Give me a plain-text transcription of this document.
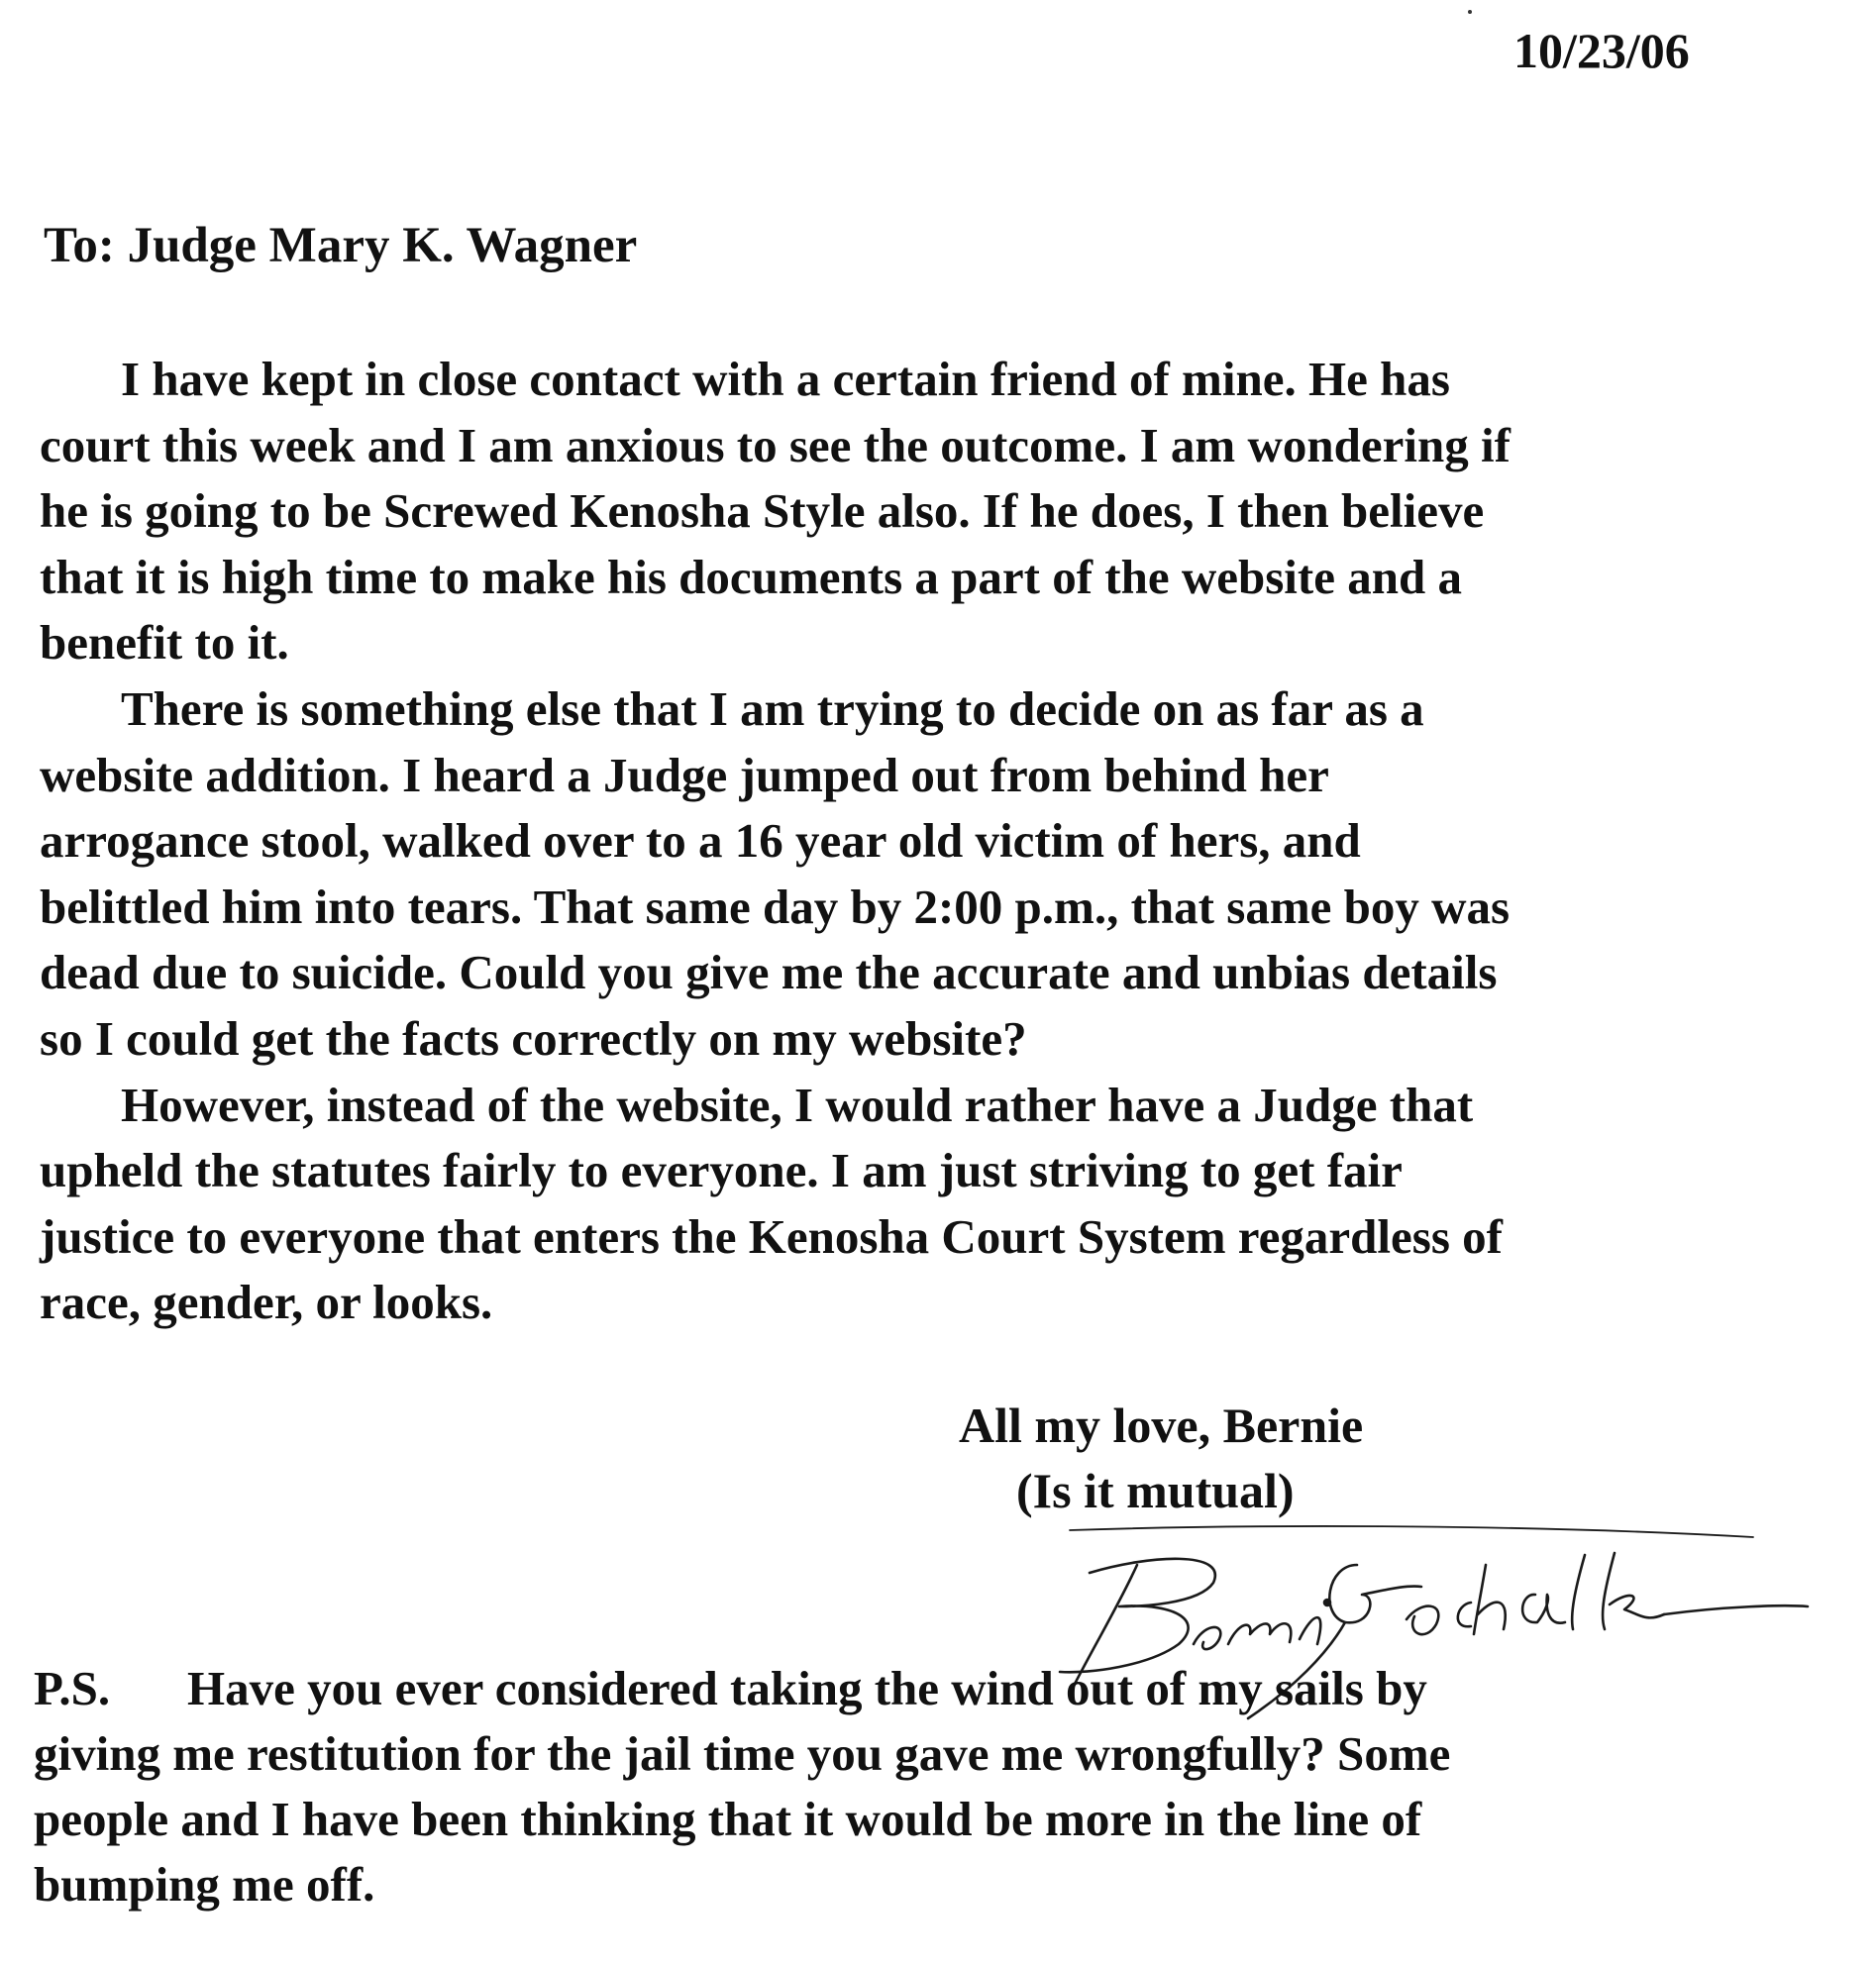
10/23/06
To: Judge Mary K. Wagner
I have kept in close contact with a certain friend of mine. He has
court this week and I am anxious to see the outcome. I am wondering if
he is going to be Screwed Kenosha Style also. If he does, I then believe
that it is high time to make his documents a part of the website and a
benefit to it.
There is something else that I am trying to decide on as far as a
website addition. I heard a Judge jumped out from behind her
arrogance stool, walked over to a 16 year old victim of hers, and
belittled him into tears. That same day by 2:00 p.m., that same boy was
dead due to suicide. Could you give me the accurate and unbias details
so I could get the facts correctly on my website?
However, instead of the website, I would rather have a Judge that
upheld the statutes fairly to everyone. I am just striving to get fair
justice to everyone that enters the Kenosha Court System regardless of
race, gender, or looks.
All my love, Bernie
(Is it mutual)
P.S. Have you ever considered taking the wind out of my sails by
giving me restitution for the jail time you gave me wrongfully? Some
people and I have been thinking that it would be more in the line of
bumping me off.
